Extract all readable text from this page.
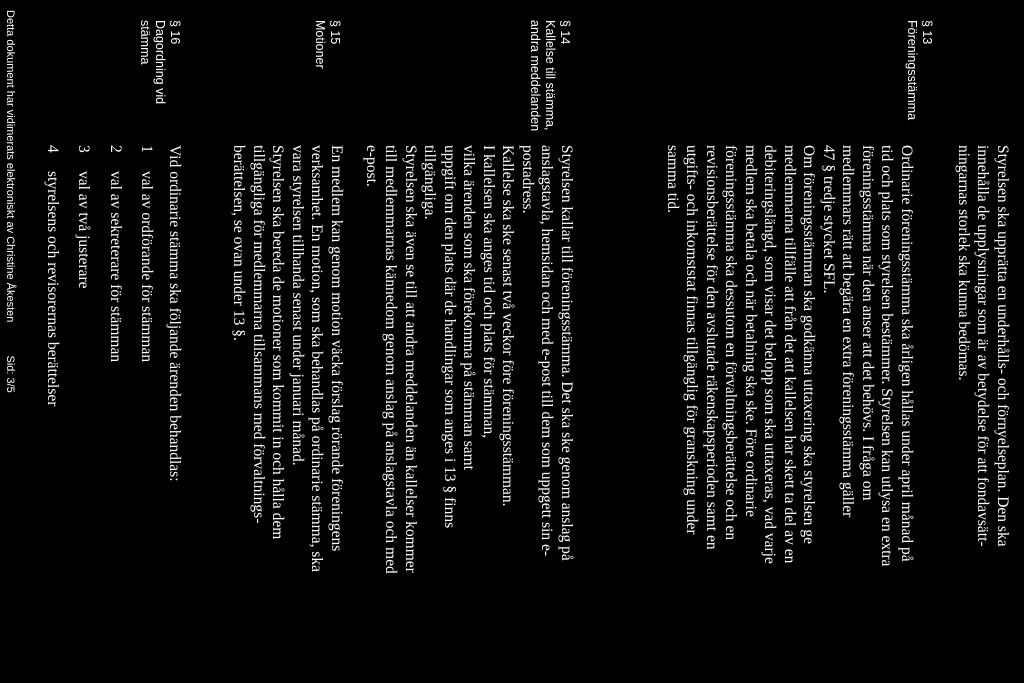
Styrelsen ska upprätta en underhålls- och förnyelseplan. Den ska
innehålla de upplysningar som är av betydelse för att fondavsätt-
ningarnas storlek ska kunna bedömas.
§ 13
Föreningsstämma
Ordinarie föreningsstämma ska årligen hållas under april månad på
tid och plats som styrelsen bestämmer. Styrelsen kan utlysa en extra
föreningsstämma när den anser att det behövs. I fråga om
medlemmars rätt att begära en extra föreningsstämma gäller
47 § tredje stycket SFL.
Om föreningsstämman ska godkänna uttaxering ska styrelsen ge
medlemmarna tillfälle att från det att kallelsen har skett ta del av en
debiteringslängd, som visar det belopp som ska uttaxeras, vad varje
medlem ska betala och när betalning ska ske. Före ordinarie
föreningsstämma ska dessutom en förvaltningsberättelse och en
revisionsberättelse för den avslutade räkenskapsperioden samt en
utgifts- och inkomststat finnas tillgänglig för granskning under
samma tid.
§ 14
Kallelse till stämma,
andra meddelanden
Styrelsen kallar till föreningsstämma. Det ska ske genom anslag på
anslagstavla, hemsidan och med e-post till dem som uppgett sin e-
postadress.
Kallelse ska ske senast två veckor före föreningsstämman.
I kallelsen ska anges tid och plats för stämman,
vilka ärenden som ska förekomma på stämman samt
uppgift om den plats där de handlingar som anges i 13 § finns
tillgängliga.
Styrelsen ska även se till att andra meddelanden än kallelser kommer
till medlemmarnas kännedom genom anslag på anslagstavla och med
e-post.
§ 15
Motioner
En medlem kan genom motion väcka förslag rörande föreningens
verksamhet. En motion, som ska behandlas på ordinarie stämma, ska
vara styrelsen tillhanda senast under januari månad.
Styrelsen ska bereda de motioner som kommit in och hålla dem
tillgängliga för medlemmarna tillsammans med förvaltnings-
berättelsen, se ovan under 13 §.
§ 16
Dagordning vid
stämma
Vid ordinarie stämma ska följande ärenden behandlas:
1val av ordförande för stämman
2val av sekreterare för stämman
3val av två justerare
4styrelsens och revisorernas berättelser
Detta dokument har vidimerats elektroniskt av Christine Åkesten Sid: 3/5
